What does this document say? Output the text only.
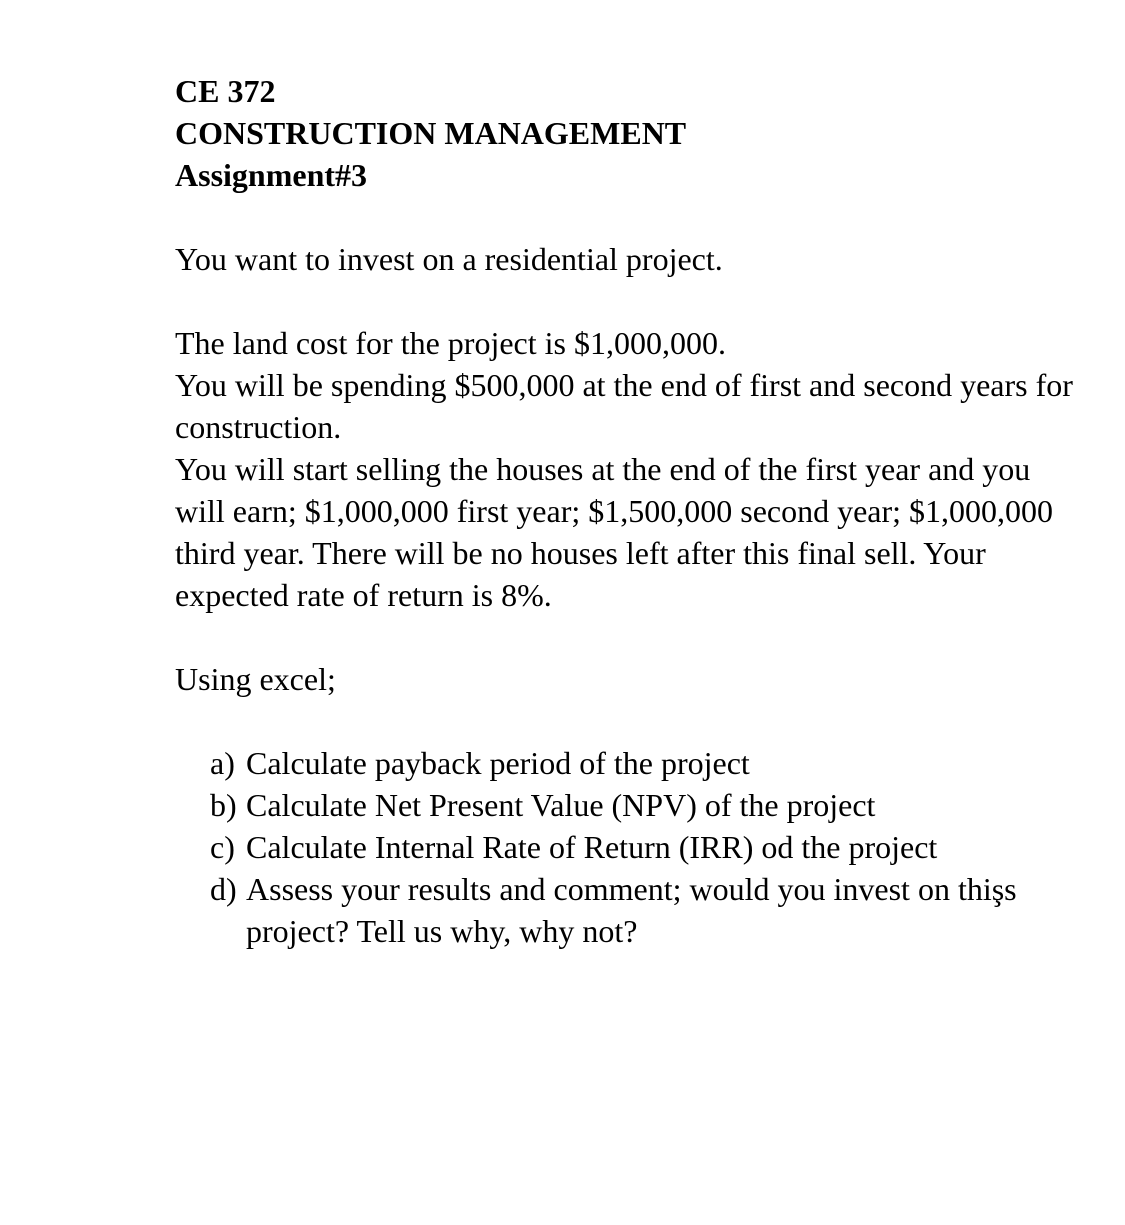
CE 372

CONSTRUCTION MANAGEMENT

Assignment#3

You want to invest on a residential project.

The land cost for the project is $1,000,000.

You will be spending $500,000 at the end of first and second years for construction.

You will start selling the houses at the end of the first year and you will earn; $1,000,000 first year; $1,500,000 second year; $1,000,000 third year. There will be no houses left after this final sell. Your expected rate of return is 8%.

Using excel;

a) Calculate payback period of the project
b) Calculate Net Present Value (NPV) of the project
c) Calculate Internal Rate of Return (IRR) od the project
d) Assess your results and comment; would you invest on thişs project? Tell us why, why not?
